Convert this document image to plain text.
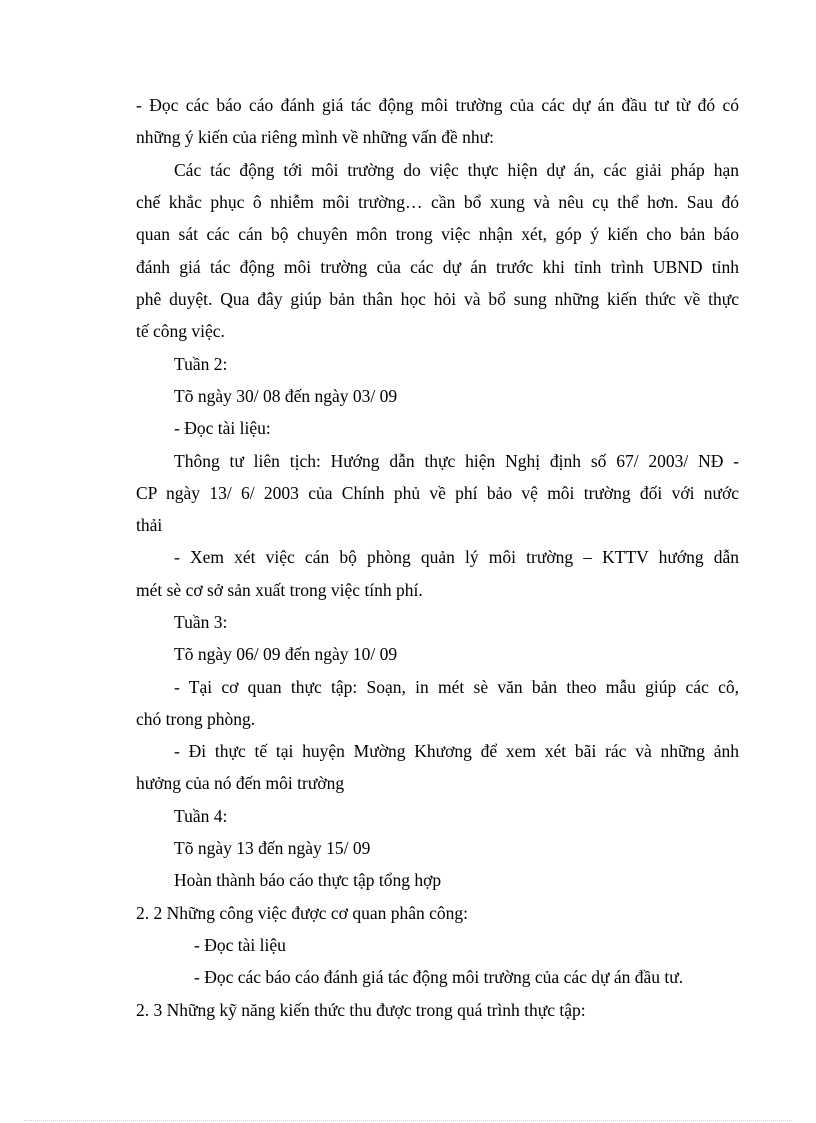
- Đọc các báo cáo đánh giá tác động môi trường của các dự án đầu tư từ đó có
những ý kiến của riêng mình về những vấn đề như:
Các tác động tới môi trường do việc thực hiện dự án, các giải pháp hạn
chế khắc phục ô nhiễm môi trường… cần bổ xung và nêu cụ thể hơn. Sau đó
quan sát các cán bộ chuyên môn trong việc nhận xét, góp ý kiến cho bản báo
đánh giá tác động môi trường của các dự án trước khi tỉnh trình UBND tỉnh
phê duyệt. Qua đây giúp bản thân học hỏi và bổ sung những kiến thức về thực
tế công việc.
Tuần 2:
Tõ ngày 30/ 08 đến ngày 03/ 09
- Đọc tài liệu:
Thông tư liên tịch: Hướng dẫn thực hiện Nghị định số 67/ 2003/ NĐ -
CP ngày 13/ 6/ 2003 của Chính phủ về phí bảo vệ môi trường đối với nước
thải
- Xem xét việc cán bộ phòng quản lý môi trường – KTTV hướng dẫn
mét sè cơ sở sản xuất trong việc tính phí.
Tuần 3:
Tõ ngày 06/ 09 đến ngày 10/ 09
- Tại cơ quan thực tập: Soạn, in mét sè văn bản theo mẫu giúp các cô,
chó trong phòng.
- Đi thực tế tại huyện Mường Khương để xem xét bãi rác và những ảnh
hưởng của nó đến môi trường
Tuần 4:
Tõ ngày 13 đến ngày 15/ 09
Hoàn thành báo cáo thực tập tổng hợp
2. 2 Những công việc được cơ quan phân công:
- Đọc tài liệu
- Đọc các báo cáo đánh giá tác động môi trường của các dự án đầu tư.
2. 3 Những kỹ năng kiến thức thu được trong quá trình thực tập:
